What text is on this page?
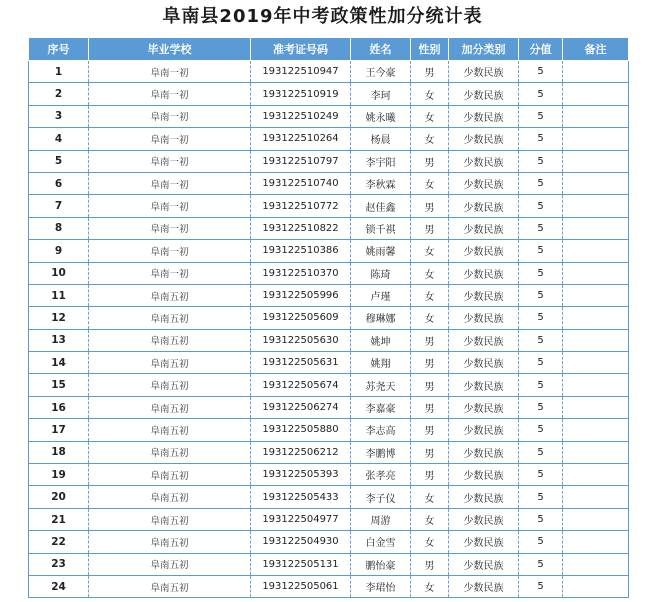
阜南县2019年中考政策性加分统计表
序号	毕业学校	准考证号码	姓名	性别	加分类别	分值	备注
1	阜南一初	193122510947	王今豪	男	少数民族	5	
2	阜南一初	193122510919	李珂	女	少数民族	5	
3	阜南一初	193122510249	姚永曦	女	少数民族	5	
4	阜南一初	193122510264	杨晨	女	少数民族	5	
5	阜南一初	193122510797	李宇阳	男	少数民族	5	
6	阜南一初	193122510740	李秋霖	女	少数民族	5	
7	阜南一初	193122510772	赵佳鑫	男	少数民族	5	
8	阜南一初	193122510822	锁千祺	男	少数民族	5	
9	阜南一初	193122510386	姚雨馨	女	少数民族	5	
10	阜南一初	193122510370	陈琦	女	少数民族	5	
11	阜南五初	193122505996	卢瑾	女	少数民族	5	
12	阜南五初	193122505609	穆琳娜	女	少数民族	5	
13	阜南五初	193122505630	姚坤	男	少数民族	5	
14	阜南五初	193122505631	姚翔	男	少数民族	5	
15	阜南五初	193122505674	苏尧天	男	少数民族	5	
16	阜南五初	193122506274	李嘉豪	男	少数民族	5	
17	阜南五初	193122505880	李志高	男	少数民族	5	
18	阜南五初	193122506212	李鹏博	男	少数民族	5	
19	阜南五初	193122505393	张孝亮	男	少数民族	5	
20	阜南五初	193122505433	李子仪	女	少数民族	5	
21	阜南五初	193122504977	周游	女	少数民族	5	
22	阜南五初	193122504930	白金雪	女	少数民族	5	
23	阜南五初	193122505131	鹏怡豪	男	少数民族	5	
24	阜南五初	193122505061	李珺怡	女	少数民族	5	
